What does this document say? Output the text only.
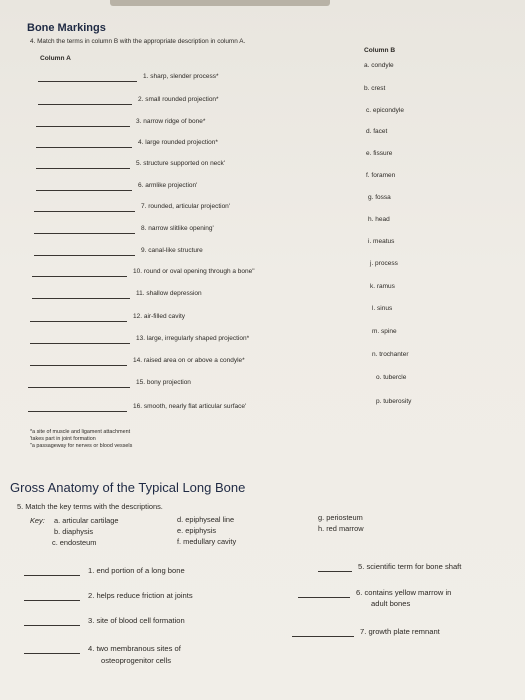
Bone Markings
4. Match the terms in column B with the appropriate description in column A.
Column A
Column B
1. sharp, slender process*
2. small rounded projection*
3. narrow ridge of bone*
4. large rounded projection*
5. structure supported on neck'
6. armlike projection'
7. rounded, articular projection'
8. narrow slitlike opening'
9. canal-like structure
10. round or oval opening through a bone"
11. shallow depression
12. air-filled cavity
13. large, irregularly shaped projection*
14. raised area on or above a condyle*
15. bony projection
16. smooth, nearly flat articular surface'
a. condyle
b. crest
c. epicondyle
d. facet
e. fissure
f. foramen
g. fossa
h. head
i. meatus
j. process
k. ramus
l. sinus
m. spine
n. trochanter
o. tubercle
p. tuberosity
*a site of muscle and ligament attachment
'takes part in joint formation
"a passageway for nerves or blood vessels
Gross Anatomy of the Typical Long Bone
5. Match the key terms with the descriptions.
Key: a. articular cartilage
b. diaphysis
c. endosteum
d. epiphyseal line
e. epiphysis
f. medullary cavity
g. periosteum
h. red marrow
1. end portion of a long bone
2. helps reduce friction at joints
3. site of blood cell formation
4. two membranous sites of
osteoprogenitor cells
5. scientific term for bone shaft
6. contains yellow marrow in
7. growth plate remnant
adult bones
